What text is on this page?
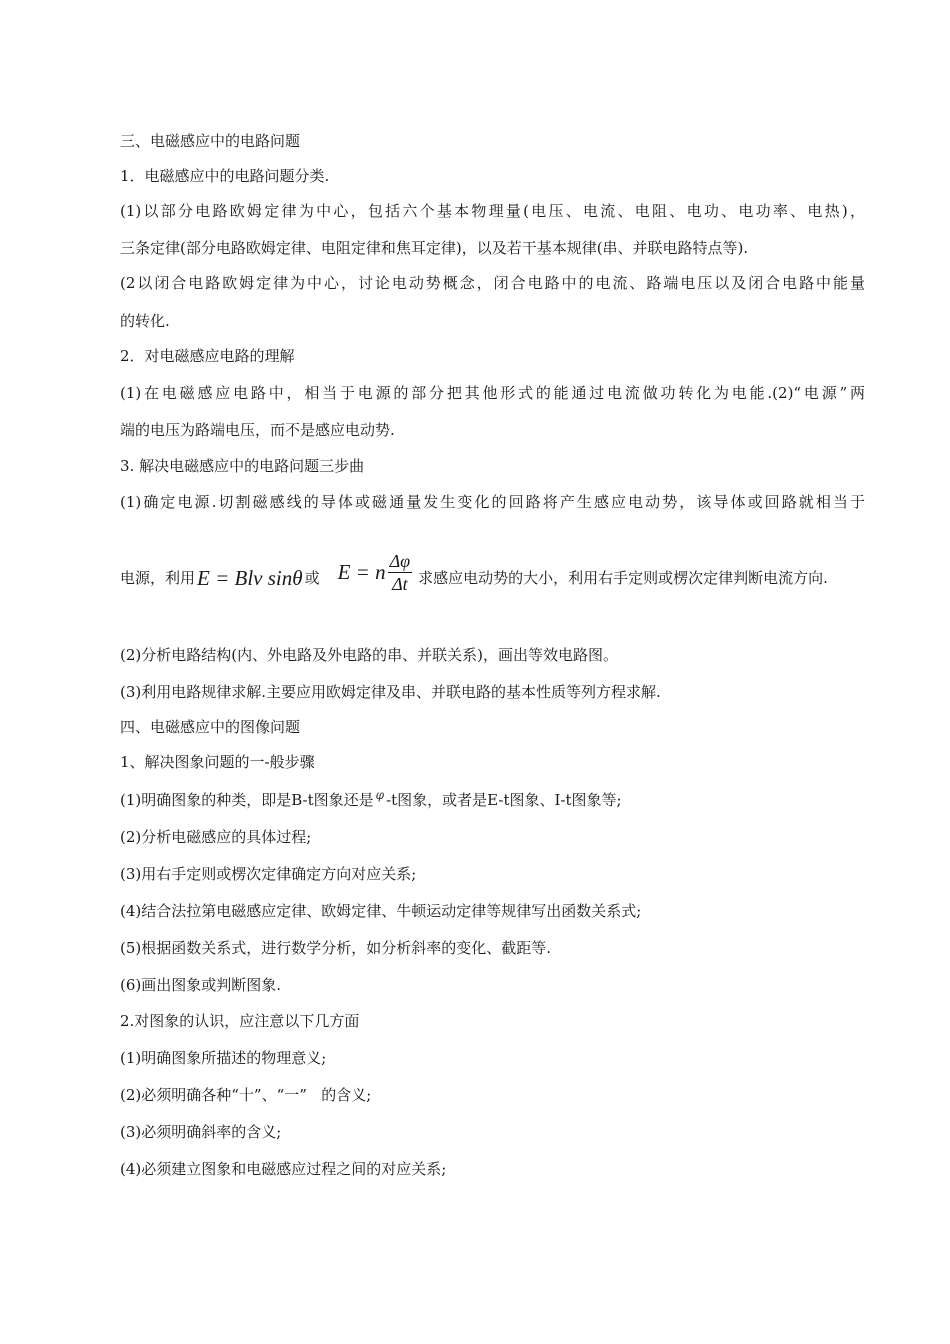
三、电磁感应中的电路问题
1．电磁感应中的电路问题分类.
(1)以部分电路欧姆定律为中心，包括六个基本物理量(电压、电流、电阻、电功、电功率、电热)，
三条定律(部分电路欧姆定律、电阻定律和焦耳定律)，以及若干基本规律(串、并联电路特点等).
(2以闭合电路欧姆定律为中心，讨论电动势概念，闭合电路中的电流、路端电压以及闭合电路中能量
的转化.
2．对电磁感应电路的理解
(1)在电磁感应电路中，相当于电源的部分把其他形式的能通过电流做功转化为电能.(2)“电源”两
端的电压为路端电压，而不是感应电动势.
3. 解决电磁感应中的电路问题三步曲
(1)确定电源.切割磁感线的导体或磁通量发生变化的回路将产生感应电动势，该导体或回路就相当于
电源，利用 E = Blv sinθ 或 E = n $\frac{\Delta\varphi}{\Delta t}$ 求感应电动势的大小，利用右手定则或楞次定律判断电流方向.
(2)分析电路结构(内、外电路及外电路的串、并联关系)，画出等效电路图。
(3)利用电路规律求解.主要应用欧姆定律及串、并联电路的基本性质等列方程求解.
四、电磁感应中的图像问题
1、解决图象问题的一-般步骤
(1)明确图象的种类，即是B-t图象还是 $^\varphi$ -t图象，或者是E-t图象、I-t图象等;
(2)分析电磁感应的具体过程;
(3)用右手定则或楞次定律确定方向对应关系;
(4)结合法拉第电磁感应定律、欧姆定律、牛顿运动定律等规律写出函数关系式;
(5)根据函数关系式，进行数学分析，如分析斜率的变化、截距等.
(6)画出图象或判断图象.
2.对图象的认识，应注意以下几方面
(1)明确图象所描述的物理意义;
(2)必须明确各种“十”、“一”   的含义;
(3)必须明确斜率的含义;
(4)必须建立图象和电磁感应过程之间的对应关系;
